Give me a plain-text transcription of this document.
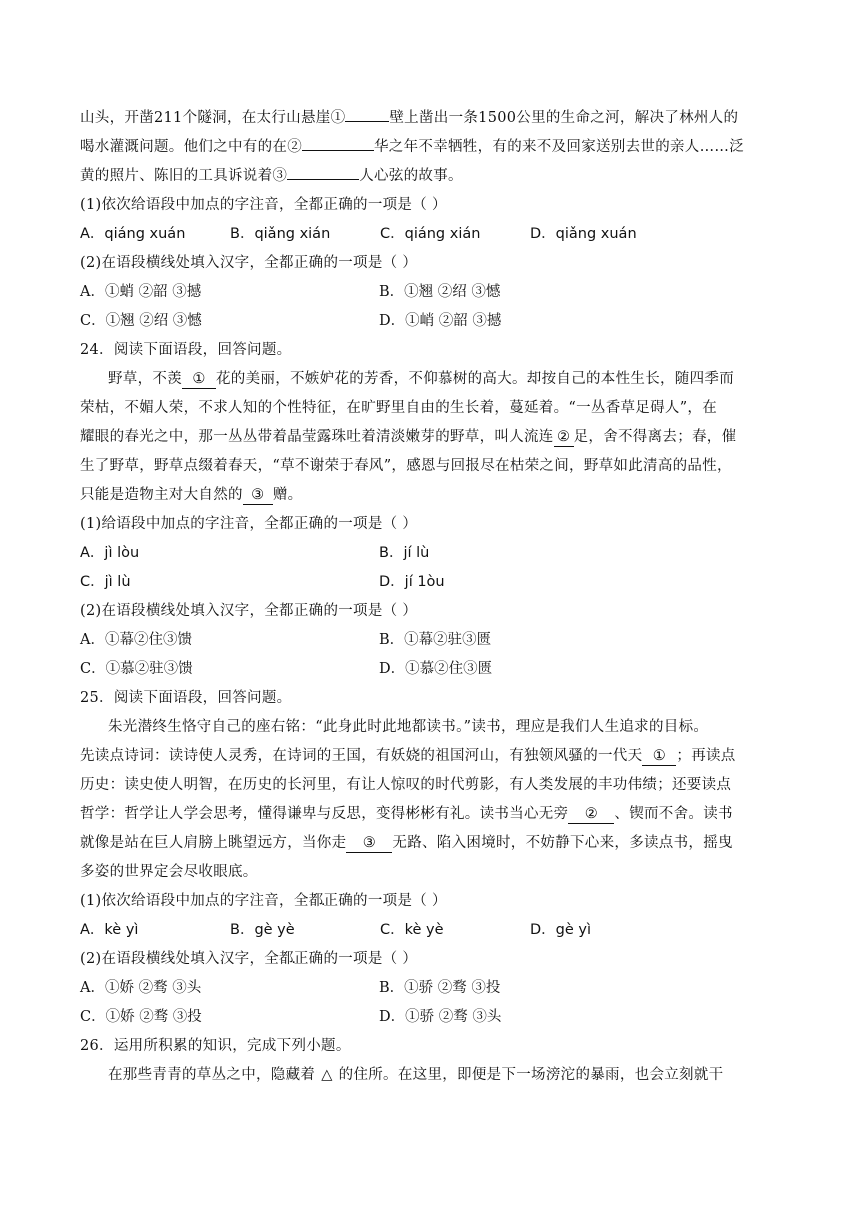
山头，开凿211个隧洞，在太行山悬崖①	壁上凿出一条1500公里的生命之河，解决了林州人的
喝水灌溉问题。他们之中有的在②	华之年不幸牺牲，有的来不及回家送别去世的亲人……泛
黄的照片、陈旧的工具诉说着③	人心弦的故事。
(1)依次给语段中加点的字注音，全都正确的一项是（ ）
A．qiáng xuán	B．qiǎng xián	C．qiáng xián	D．qiǎng xuán
(2)在语段横线处填入汉字，全都正确的一项是（ ）
A．①蛸 ②韶 ③撼	B．①翘 ②绍 ③憾
C．①翘 ②绍 ③憾	D．①峭 ②韶 ③撼
24．阅读下面语段，回答问题。
野草，不羡 ① 花的美丽，不嫉妒花的芳香，不仰慕树的高大。却按自己的本性生长，随四季而
荣枯，不媚人荣，不求人知的个性特征，在旷野里自由的生长着，蔓延着。“一丛香草足碍人”，在
耀眼的春光之中，那一丛丛带着晶莹露珠吐着清淡嫩芽的野草，叫人流连 ② 足，舍不得离去；春，催
生了野草，野草点缀着春天，“草不谢荣于春风”，感恩与回报尽在枯荣之间，野草如此清高的品性，
只能是造物主对大自然的 ③ 赠。
(1)给语段中加点的字注音，全都正确的一项是（ ）
A．jì lòu	B．jí lù
C．jì lù	D．jí 1òu
(2)在语段横线处填入汉字，全都正确的一项是（ ）
A．①幕②住③馈	B．①幕②驻③匮
C．①慕②驻③馈	D．①慕②住③匮
25．阅读下面语段，回答问题。
朱光潜终生恪守自己的座右铭：“此身此时此地都读书。”读书，理应是我们人生追求的目标。
先读点诗词：读诗使人灵秀，在诗词的王国，有妖娆的祖国河山，有独领风骚的一代天 ① ；再读点
历史：读史使人明智，在历史的长河里，有让人惊叹的时代剪影，有人类发展的丰功伟绩；还要读点
哲学：哲学让人学会思考，懂得谦卑与反思，变得彬彬有礼。读书当心无旁 ② 、锲而不舍。读书
就像是站在巨人肩膀上眺望远方，当你走 ③ 无路、陷入困境时，不妨静下心来，多读点书，摇曳
多姿的世界定会尽收眼底。
(1)依次给语段中加点的字注音，全都正确的一项是（ ）
A．kè yì	B．gè yè	C．kè yè	D．gè yì
(2)在语段横线处填入汉字，全都正确的一项是（ ）
A．①娇 ②骛 ③头	B．①骄 ②骛 ③投
C．①娇 ②骛 ③投	D．①骄 ②骛 ③头
26．运用所积累的知识，完成下列小题。
在那些青青的草丛之中，隐藏着 △ 的住所。在这里，即便是下一场滂沱的暴雨，也会立刻就干
